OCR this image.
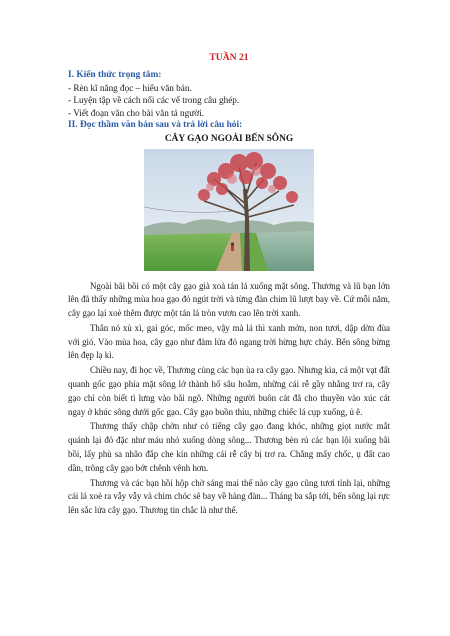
TUẦN 21

I. Kiến thức trọng tâm:

- Rèn kĩ năng đọc – hiểu văn bản.

- Luyện tập về cách nối các vế trong câu ghép.

- Viết đoạn văn cho bài văn tả người.

II. Đọc thầm văn bản sau và trả lời câu hỏi:

CÂY GẠO NGOÀI BẾN SÔNG

Ngoài bãi bồi có một cây gạo già xoà tán lá xuống mặt sông. Thương và lũ bạn lớn lên đã thấy những mùa hoa gạo đỏ ngút trời và từng đàn chim lũ lượt bay về. Cứ mỗi năm, cây gạo lại xoè thêm được một tán lá tròn vươn cao lên trời xanh.

Thân nó xù xì, gai góc, mốc meo, vậy mà lá thì xanh mởn, non tươi, dập dờn đùa với gió. Vào mùa hoa, cây gạo như đám lửa đỏ ngang trời hừng hực cháy. Bến sông bừng lên đẹp lạ kì.

Chiều nay, đi học về, Thương cùng các bạn ùa ra cây gạo. Nhưng kìa, cả một vạt đất quanh gốc gạo phía mặt sông lở thành hố sâu hoắm, những cái rễ gầy nhẳng trơ ra, cây gạo chỉ còn biết tì lưng vào bãi ngô. Những người buôn cát đã cho thuyền vào xúc cát ngay ở khúc sông dưới gốc gạo. Cây gạo buồn thiu, những chiếc lá cụp xuống, ủ ê.

Thương thấy chập chờn như có tiếng cây gạo đang khóc, những giọt nước mắt quánh lại đỏ đặc như máu nhỏ xuống dòng sông... Thương bèn rủ các bạn lội xuống bãi bồi, lấy phù sa nhão đắp che kín những cái rễ cây bị trơ ra. Chẳng mấy chốc, ụ đất cao dần, trông cây gạo bớt chênh vênh hơn.

Thương và các bạn hồi hộp chờ sáng mai thế nào cây gạo cũng tươi tỉnh lại, những cái lá xoè ra vẫy vẫy và chim chóc sẽ bay về hàng đàn... Tháng ba sắp tới, bến sông lại rực lên sắc lửa cây gạo. Thương tin chắc là như thế.
